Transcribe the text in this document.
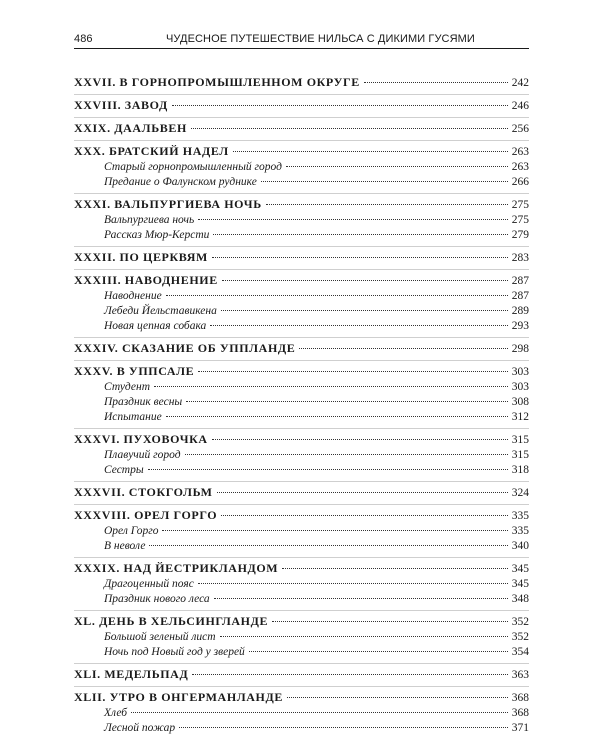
486	ЧУДЕСНОЕ ПУТЕШЕСТВИЕ НИЛЬСА С ДИКИМИ ГУСЯМИ
XXVII. В ГОРНОПРОМЫШЛЕННОМ ОКРУГЕ	242
XXVIII. ЗАВОД	246
XXIX. ДААЛЬВЕН	256
XXX. БРАТСКИЙ НАДЕЛ	263
Старый горнопромышленный город	263
Предание о Фалунском руднике	266
XXXI. ВАЛЬПУРГИЕВА НОЧЬ	275
Вальпургиева ночь	275
Рассказ Мюр-Керсти	279
XXXII. ПО ЦЕРКВЯМ	283
XXXIII. НАВОДНЕНИЕ	287
Наводнение	287
Лебеди Йельставикена	289
Новая цепная собака	293
XXXIV. СКАЗАНИЕ ОБ УППЛАНДЕ	298
XXXV. В УППСАЛЕ	303
Студент	303
Праздник весны	308
Испытание	312
XXXVI. ПУХОВОЧКА	315
Плавучий город	315
Сестры	318
XXXVII. СТОКГОЛЬМ	324
XXXVIII. ОРЕЛ ГОРГО	335
Орел Горго	335
В неволе	340
XXXIX. НАД ЙЕСТРИКЛАНДОМ	345
Драгоценный пояс	345
Праздник нового леса	348
XL. ДЕНЬ В ХЕЛЬСИНГЛАНДЕ	352
Большой зеленый лист	352
Ночь под Новый год у зверей	354
XLI. МЕДЕЛЬПАД	363
XLII. УТРО В ОНГЕРМАНЛАНДЕ	368
Хлеб	368
Лесной пожар	371
